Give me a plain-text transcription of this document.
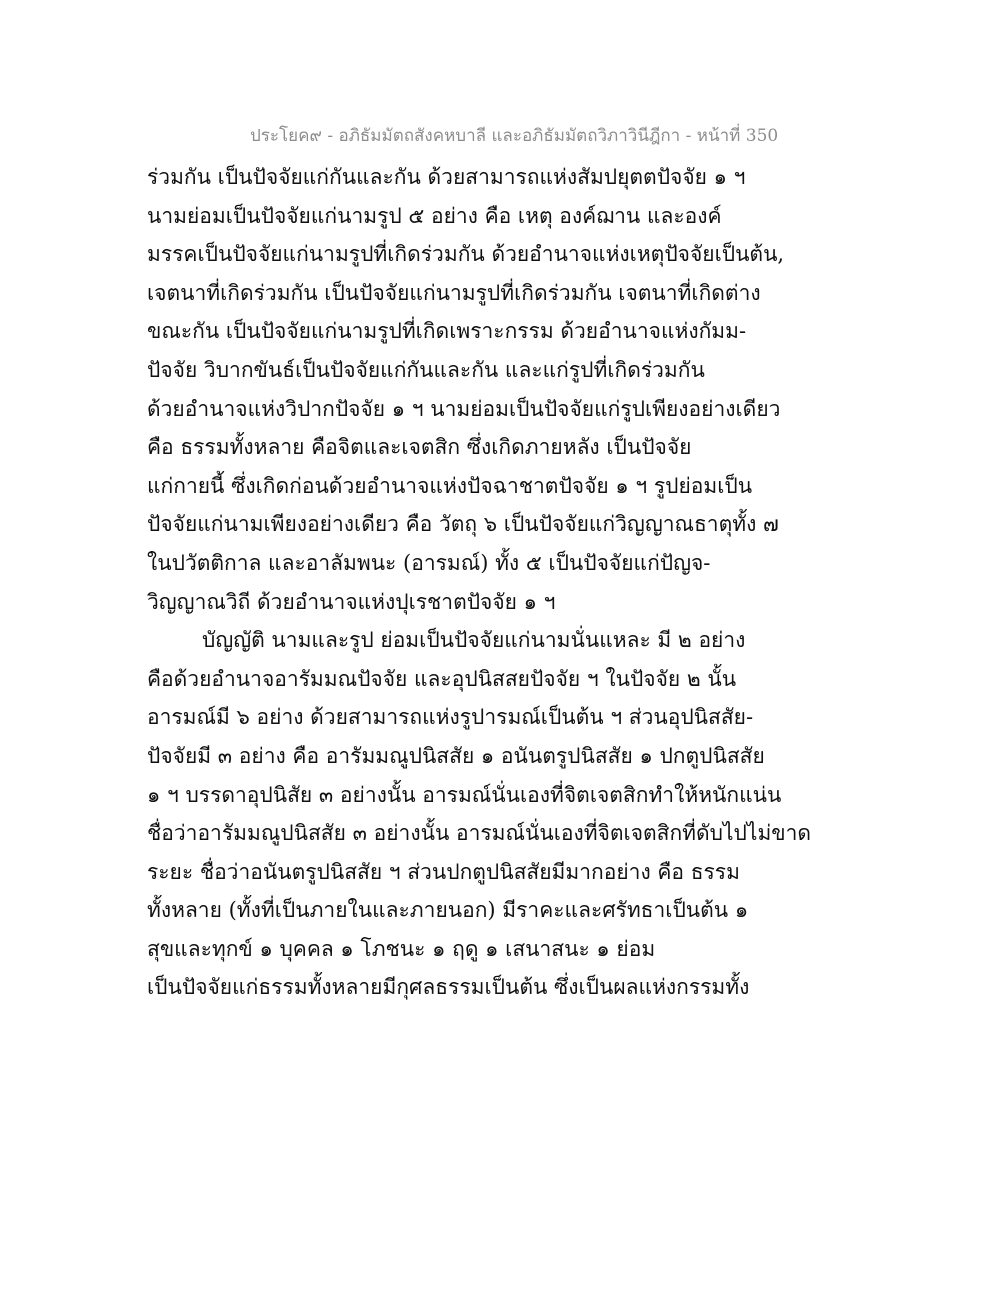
ประโยค๙ - อภิธัมมัตถสังคหบาลี และอภิธัมมัตถวิภาวินีฎีกา - หน้าที่ 350
ร่วมกัน เป็นปัจจัยแก่กันและกัน ด้วยสามารถแห่งสัมปยุตตปัจจัย ๑ ฯ
นามย่อมเป็นปัจจัยแก่นามรูป ๕ อย่าง คือ เหตุ องค์ฌาน และองค์
มรรคเป็นปัจจัยแก่นามรูปที่เกิดร่วมกัน ด้วยอำนาจแห่งเหตุปัจจัยเป็นต้น,
เจตนาที่เกิดร่วมกัน เป็นปัจจัยแก่นามรูปที่เกิดร่วมกัน เจตนาที่เกิดต่าง
ขณะกัน เป็นปัจจัยแก่นามรูปที่เกิดเพราะกรรม ด้วยอำนาจแห่งกัมม-
ปัจจัย วิบากขันธ์เป็นปัจจัยแก่กันและกัน และแก่รูปที่เกิดร่วมกัน
ด้วยอำนาจแห่งวิปากปัจจัย ๑ ฯ นามย่อมเป็นปัจจัยแก่รูปเพียงอย่างเดียว
คือ ธรรมทั้งหลาย คือจิตและเจตสิก ซึ่งเกิดภายหลัง เป็นปัจจัย
แก่กายนี้ ซึ่งเกิดก่อนด้วยอำนาจแห่งปัจฉาชาตปัจจัย ๑ ฯ รูปย่อมเป็น
ปัจจัยแก่นามเพียงอย่างเดียว คือ วัตถุ ๖ เป็นปัจจัยแก่วิญญาณธาตุทั้ง ๗
ในปวัตติกาล และอาลัมพนะ (อารมณ์) ทั้ง ๕ เป็นปัจจัยแก่ปัญจ-
วิญญาณวิถี ด้วยอำนาจแห่งปุเรชาตปัจจัย ๑ ฯ
บัญญัติ นามและรูป ย่อมเป็นปัจจัยแก่นามนั่นแหละ มี ๒ อย่าง
คือด้วยอำนาจอารัมมณปัจจัย และอุปนิสสยปัจจัย ฯ ในปัจจัย ๒ นั้น
อารมณ์มี ๖ อย่าง ด้วยสามารถแห่งรูปารมณ์เป็นต้น ฯ ส่วนอุปนิสสัย-
ปัจจัยมี ๓ อย่าง คือ อารัมมณูปนิสสัย ๑ อนันตรูปนิสสัย ๑ ปกตูปนิสสัย
๑ ฯ บรรดาอุปนิสัย ๓ อย่างนั้น อารมณ์นั่นเองที่จิตเจตสิกทำให้หนักแน่น
ชื่อว่าอารัมมณูปนิสสัย ๓ อย่างนั้น อารมณ์นั่นเองที่จิตเจตสิกที่ดับไปไม่ขาด
ระยะ ชื่อว่าอนันตรูปนิสสัย ฯ ส่วนปกตูปนิสสัยมีมากอย่าง คือ ธรรม
ทั้งหลาย (ทั้งที่เป็นภายในและภายนอก) มีราคะและศรัทธาเป็นต้น ๑
สุขและทุกข์ ๑ บุคคล ๑ โภชนะ ๑ ฤดู ๑ เสนาสนะ ๑ ย่อม
เป็นปัจจัยแก่ธรรมทั้งหลายมีกุศลธรรมเป็นต้น ซึ่งเป็นผลแห่งกรรมทั้ง
